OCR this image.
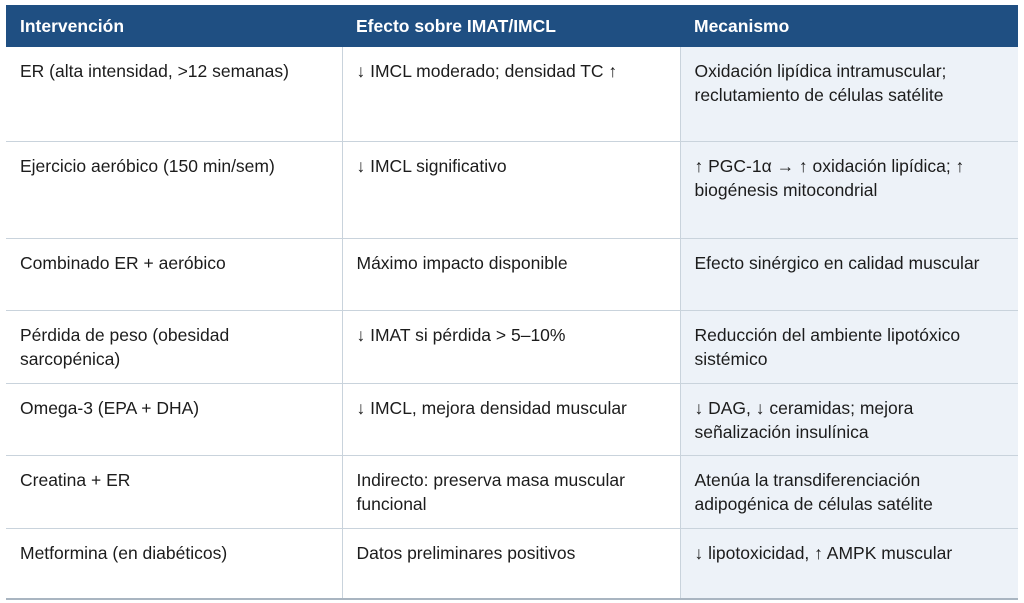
Intervención	Efecto sobre IMAT/IMCL	Mecanismo
ER (alta intensidad, >12 semanas)	↓ IMCL moderado; densidad TC ↑	Oxidación lipídica intramuscular; reclutamiento de células satélite
Ejercicio aeróbico (150 min/sem)	↓ IMCL significativo	↑ PGC-1α → ↑ oxidación lipídica; ↑ biogénesis mitocondrial
Combinado ER + aeróbico	Máximo impacto disponible	Efecto sinérgico en calidad muscular
Pérdida de peso (obesidad sarcopénica)	↓ IMAT si pérdida > 5–10%	Reducción del ambiente lipotóxico sistémico
Omega-3 (EPA + DHA)	↓ IMCL, mejora densidad muscular	↓ DAG, ↓ ceramidas; mejora señalización insulínica
Creatina + ER	Indirecto: preserva masa muscular funcional	Atenúa la transdiferenciación adipogénica de células satélite
Metformina (en diabéticos)	Datos preliminares positivos	↓ lipotoxicidad, ↑ AMPK muscular
